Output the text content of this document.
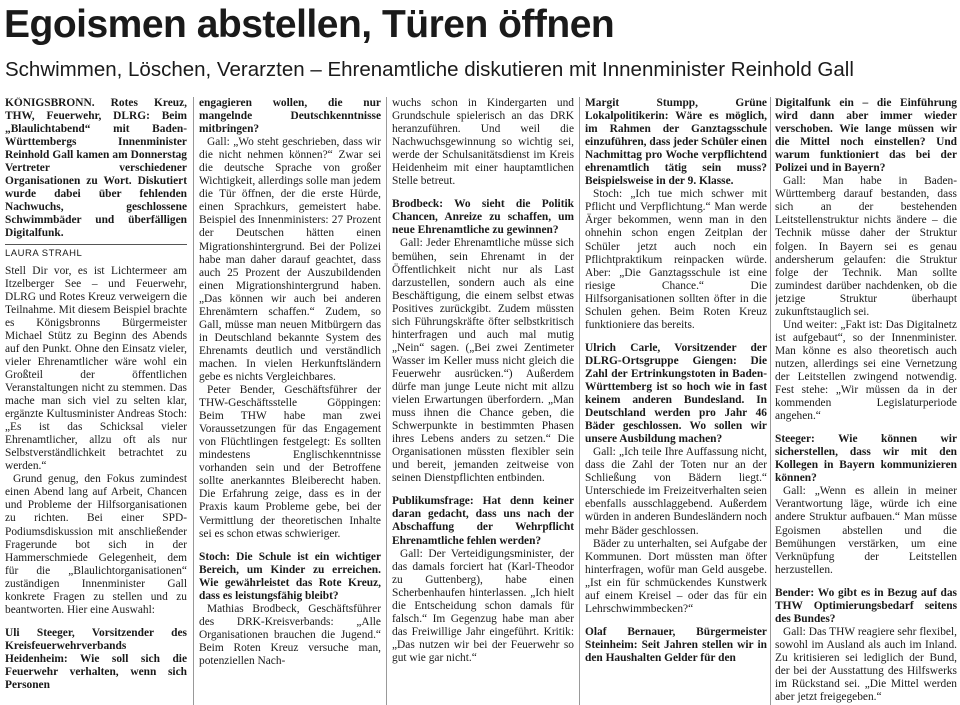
Egoismen abstellen, Türen öffnen
Schwimmen, Löschen, Verarzten – Ehrenamtliche diskutieren mit Innenminister Reinhold Gall

KÖNIGSBRONN. Rotes Kreuz, THW, Feuerwehr, DLRG: Beim „Blaulichtabend“ mit Baden-Württembergs Innenminister Reinhold Gall kamen am Donnerstag Vertreter verschiedener Organisationen zu Wort. Diskutiert wurde dabei über fehlenden Nachwuchs, geschlossene Schwimmbäder und überfälligen Digitalfunk.

LAURA STRAHL

Stell Dir vor, es ist Lichtermeer am Itzelberger See – und Feuerwehr, DLRG und Rotes Kreuz verweigern die Teilnahme. Mit diesem Beispiel brachte es Königsbronns Bürgermeister Michael Stütz zu Beginn des Abends auf den Punkt. Ohne den Einsatz vieler, vieler Ehrenamtlicher wäre wohl ein Großteil der öffentlichen Veranstaltungen nicht zu stemmen. Das mache man sich viel zu selten klar, ergänzte Kultusminister Andreas Stoch: „Es ist das Schicksal vieler Ehrenamtlicher, allzu oft als nur Selbstverständlichkeit betrachtet zu werden.“

Grund genug, den Fokus zumindest einen Abend lang auf Arbeit, Chancen und Probleme der Hilfsorganisationen zu richten. Bei einer SPD-Podiumsdiskussion mit anschließender Fragerunde bot sich in der Hammerschmiede Gelegenheit, dem für die „Blaulichtorganisationen“ zuständigen Innenminister Gall konkrete Fragen zu stellen und zu beantworten. Hier eine Auswahl:

Uli Steeger, Vorsitzender des Kreisfeuerwehrverbands Heidenheim: Wie soll sich die Feuerwehr verhalten, wenn sich Personen

engagieren wollen, die nur mangelnde Deutschkenntnisse mitbringen?

Gall: „Wo steht geschrieben, dass wir die nicht nehmen können?“ Zwar sei die deutsche Sprache von großer Wichtigkeit, allerdings solle man jedem die Tür öffnen, der die erste Hürde, einen Sprachkurs, gemeistert habe. Beispiel des Innenministers: 27 Prozent der Deutschen hätten einen Migrationshintergrund. Bei der Polizei habe man daher darauf geachtet, dass auch 25 Prozent der Auszubildenden einen Migrationshintergrund haben. „Das können wir auch bei anderen Ehrenämtern schaffen.“ Zudem, so Gall, müsse man neuen Mitbürgern das in Deutschland bekannte System des Ehrenamts deutlich und verständlich machen. In vielen Herkunftsländern gebe es nichts Vergleichbares.

Peter Bender, Geschäftsführer der THW-Geschäftsstelle Göppingen: Beim THW habe man zwei Voraussetzungen für das Engagement von Flüchtlingen festgelegt: Es sollten mindestens Englischkenntnisse vorhanden sein und der Betroffene sollte anerkanntes Bleiberecht haben. Die Erfahrung zeige, dass es in der Praxis kaum Probleme gebe, bei der Vermittlung der theoretischen Inhalte sei es schon etwas schwieriger.

Stoch: Die Schule ist ein wichtiger Bereich, um Kinder zu erreichen. Wie gewährleistet das Rote Kreuz, dass es leistungsfähig bleibt?

Mathias Brodbeck, Geschäftsführer des DRK-Kreisverbands: „Alle Organisationen brauchen die Jugend.“ Beim Roten Kreuz versuche man, potenziellen Nach-

wuchs schon in Kindergarten und Grundschule spielerisch an das DRK heranzuführen. Und weil die Nachwuchsgewinnung so wichtig sei, werde der Schulsanitätsdienst im Kreis Heidenheim mit einer hauptamtlichen Stelle betreut.

Brodbeck: Wo sieht die Politik Chancen, Anreize zu schaffen, um neue Ehrenamtliche zu gewinnen?

Gall: Jeder Ehrenamtliche müsse sich bemühen, sein Ehrenamt in der Öffentlichkeit nicht nur als Last darzustellen, sondern auch als eine Beschäftigung, die einem selbst etwas Positives zurückgibt. Zudem müssten sich Führungskräfte öfter selbstkritisch hinterfragen und auch mal mutig „Nein“ sagen. („Bei zwei Zentimeter Wasser im Keller muss nicht gleich die Feuerwehr ausrücken.“) Außerdem dürfe man junge Leute nicht mit allzu vielen Erwartungen überfordern. „Man muss ihnen die Chance geben, die Schwerpunkte in bestimmten Phasen ihres Lebens anders zu setzen.“ Die Organisationen müssten flexibler sein und bereit, jemanden zeitweise von seinen Dienstpflichten entbinden.

Publikumsfrage: Hat denn keiner daran gedacht, dass uns nach der Abschaffung der Wehrpflicht Ehrenamtliche fehlen werden?

Gall: Der Verteidigungsminister, der das damals forciert hat (Karl-Theodor zu Guttenberg), habe einen Scherbenhaufen hinterlassen. „Ich hielt die Entscheidung schon damals für falsch.“ Im Gegenzug habe man aber das Freiwillige Jahr eingeführt. Kritik: „Das nutzen wir bei der Feuerwehr so gut wie gar nicht.“

Margit Stumpp, Grüne Lokalpolitikerin: Wäre es möglich, im Rahmen der Ganztagsschule einzuführen, dass jeder Schüler einen Nachmittag pro Woche verpflichtend ehrenamtlich tätig sein muss? Beispielsweise in der 9. Klasse.

Stoch: „Ich tue mich schwer mit Pflicht und Verpflichtung.“ Man werde Ärger bekommen, wenn man in den ohnehin schon engen Zeitplan der Schüler jetzt auch noch ein Pflichtpraktikum reinpacken würde. Aber: „Die Ganztagsschule ist eine riesige Chance.“ Die Hilfsorganisationen sollten öfter in die Schulen gehen. Beim Roten Kreuz funktioniere das bereits.

Ulrich Carle, Vorsitzender der DLRG-Ortsgruppe Giengen: Die Zahl der Ertrinkungstoten in Baden-Württemberg ist so hoch wie in fast keinem anderen Bundesland. In Deutschland werden pro Jahr 46 Bäder geschlossen. Wo sollen wir unsere Ausbildung machen?

Gall: „Ich teile Ihre Auffassung nicht, dass die Zahl der Toten nur an der Schließung von Bädern liegt.“ Unterschiede im Freizeitverhalten seien ebenfalls ausschlaggebend. Außerdem würden in anderen Bundesländern noch mehr Bäder geschlossen.

Bäder zu unterhalten, sei Aufgabe der Kommunen. Dort müssten man öfter hinterfragen, wofür man Geld ausgebe. „Ist ein für schmückendes Kunstwerk auf einem Kreisel – oder das für ein Lehrschwimmbecken?“

Olaf Bernauer, Bürgermeister Steinheim: Seit Jahren stellen wir in den Haushalten Gelder für den

Digitalfunk ein – die Einführung wird dann aber immer wieder verschoben. Wie lange müssen wir die Mittel noch einstellen? Und warum funktioniert das bei der Polizei und in Bayern?

Gall: Man habe in Baden-Württemberg darauf bestanden, dass sich an der bestehenden Leitstellenstruktur nichts ändere – die Technik müsse daher der Struktur folgen. In Bayern sei es genau andersherum gelaufen: die Struktur folge der Technik. Man sollte zumindest darüber nachdenken, ob die jetzige Struktur überhaupt zukunftstauglich sei.

Und weiter: „Fakt ist: Das Digitalnetz ist aufgebaut“, so der Innenminister. Man könne es also theoretisch auch nutzen, allerdings sei eine Vernetzung der Leitstellen zwingend notwendig. Fest stehe: „Wir müssen da in der kommenden Legislaturperiode angehen.“

Steeger: Wie können wir sicherstellen, dass wir mit den Kollegen in Bayern kommunizieren können?

Gall: „Wenn es allein in meiner Verantwortung läge, würde ich eine andere Struktur aufbauen.“ Man müsse Egoismen abstellen und die Bemühungen verstärken, um eine Verknüpfung der Leitstellen herzustellen.

Bender: Wo gibt es in Bezug auf das THW Optimierungsbedarf seitens des Bundes?

Gall: Das THW reagiere sehr flexibel, sowohl im Ausland als auch im Inland. Zu kritisieren sei lediglich der Bund, der bei der Ausstattung des Hilfswerks im Rückstand sei. „Die Mittel werden aber jetzt freigegeben.“
